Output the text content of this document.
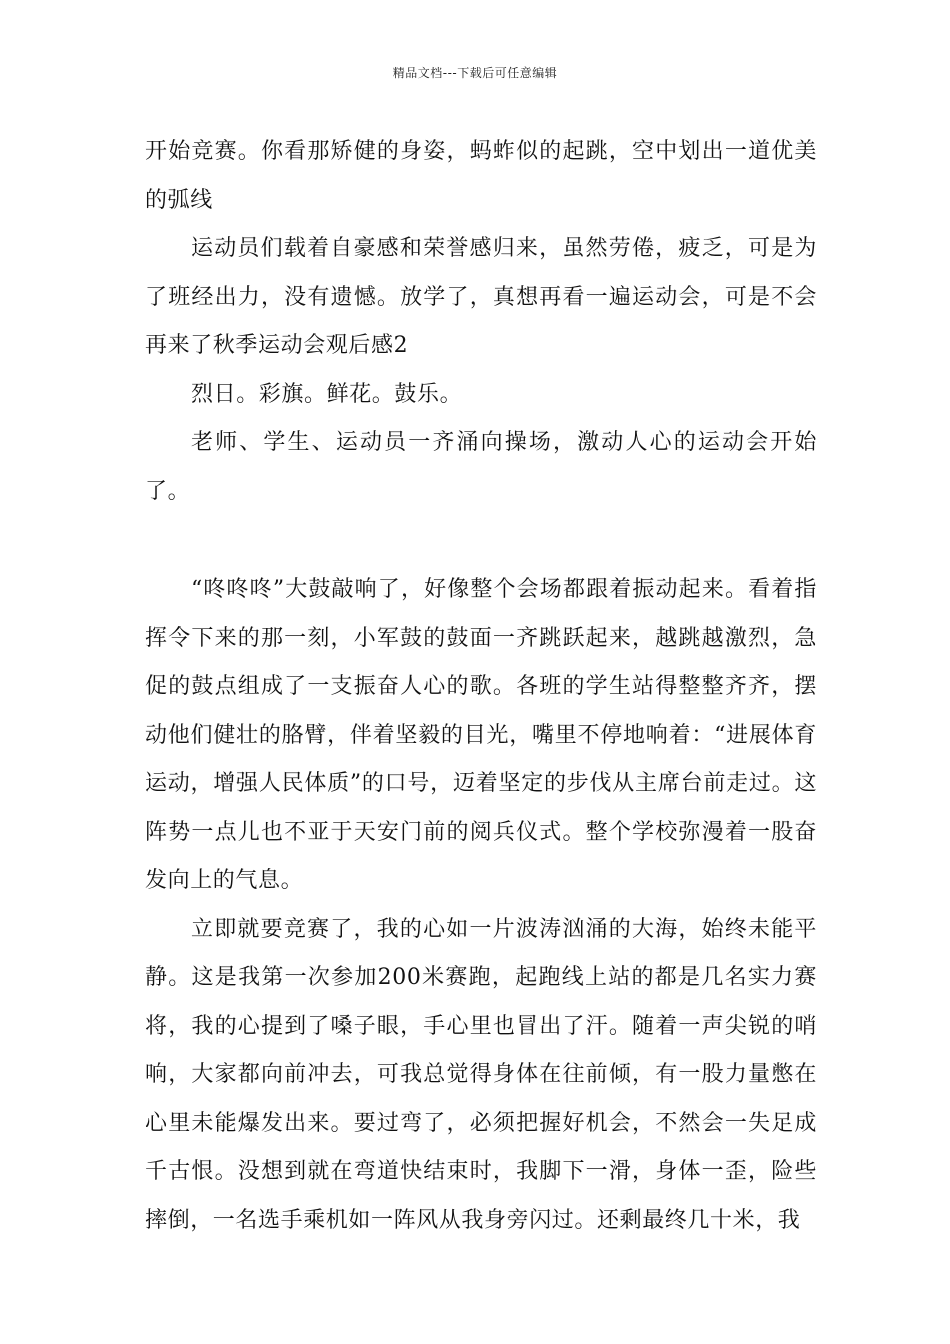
精品文档---下载后可任意编辑

开始竞赛。你看那矫健的身姿，蚂蚱似的起跳，空中划出一道优美的弧线

运动员们载着自豪感和荣誉感归来，虽然劳倦，疲乏，可是为了班经出力，没有遗憾。放学了，真想再看一遍运动会，可是不会再来了秋季运动会观后感2

烈日。彩旗。鲜花。鼓乐。

老师、学生、运动员一齐涌向操场，激动人心的运动会开始了。

“咚咚咚”大鼓敲响了，好像整个会场都跟着振动起来。看着指挥令下来的那一刻，小军鼓的鼓面一齐跳跃起来，越跳越激烈，急促的鼓点组成了一支振奋人心的歌。各班的学生站得整整齐齐，摆动他们健壮的胳臂，伴着坚毅的目光，嘴里不停地响着：“进展体育运动，增强人民体质”的口号，迈着坚定的步伐从主席台前走过。这阵势一点儿也不亚于天安门前的阅兵仪式。整个学校弥漫着一股奋发向上的气息。

立即就要竞赛了，我的心如一片波涛汹涌的大海，始终未能平静。这是我第一次参加200米赛跑，起跑线上站的都是几名实力赛将，我的心提到了嗓子眼，手心里也冒出了汗。随着一声尖锐的哨响，大家都向前冲去，可我总觉得身体在往前倾，有一股力量憋在心里未能爆发出来。要过弯了，必须把握好机会，不然会一失足成千古恨。没想到就在弯道快结束时，我脚下一滑，身体一歪，险些摔倒，一名选手乘机如一阵风从我身旁闪过。还剩最终几十米，我
